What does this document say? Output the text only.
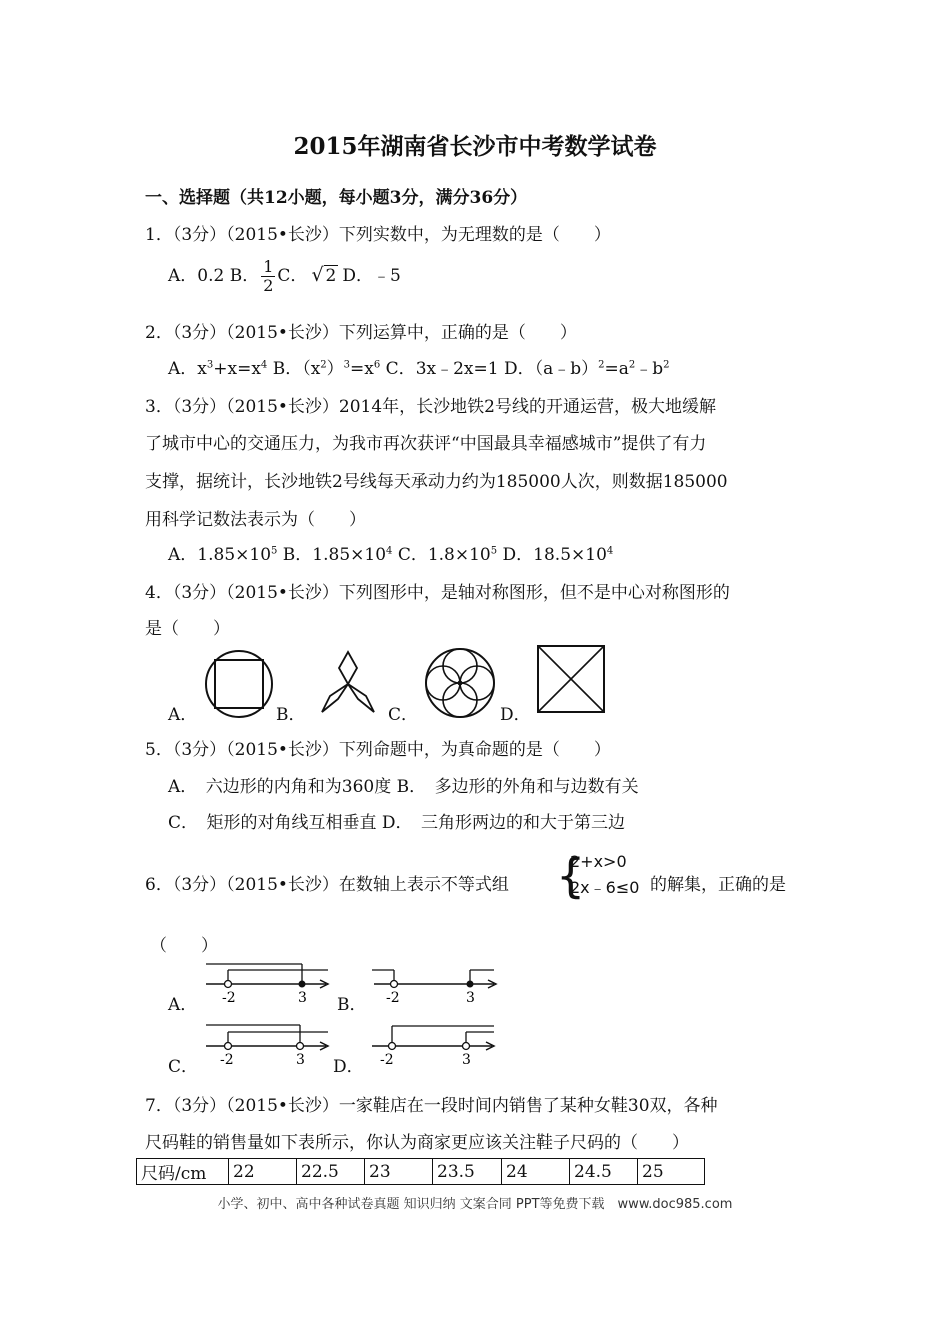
2015年湖南省长沙市中考数学试卷
一、选择题（共12小题，每小题3分，满分36分）
1．（3分）（2015•长沙）下列实数中，为无理数的是（　　）
A．0.2 B． $\frac{1}{2}$ C． √ 2 D．﹣5
2．（3分）（2015•长沙）下列运算中，正确的是（　　）
A．$x^3+x=x^4$ B．$(x^2)^3=x^6$ C．3x﹣2x=1 D．$(a﹣b)^2=a^2﹣b^2$
3．（3分）（2015•长沙）2014年，长沙地铁2号线的开通运营，极大地缓解
了城市中心的交通压力，为我市再次获评“中国最具幸福感城市”提供了有力
支撑，据统计，长沙地铁2号线每天承动力约为185000人次，则数据185000
用科学记数法表示为（　　）
A．$1.85\times 10^5$ B．$1.85\times 10^4$ C．$1.8\times 10^5$ D．$18.5\times 10^4$
4．（3分）（2015•长沙）下列图形中，是轴对称图形，但不是中心对称图形的
是（　　）
A．	B．	C．	D．
5．（3分）（2015•长沙）下列命题中，为真命题的是（　　）
A．　六边形的内角和为360度 B．　多边形的外角和与边数有关
C．　矩形的对角线互相垂直 D．　三角形两边的和大于第三边
6．（3分）（2015•长沙）在数轴上表示不等式组 {
2+x>0
2x﹣6≤0 的解集，正确的是
（　　）
A． -2	3 B． -2	3
C． -2	3 D． -2	3
7．（3分）（2015•长沙）一家鞋店在一段时间内销售了某种女鞋30双，各种
尺码鞋的销售量如下表所示，你认为商家更应该关注鞋子尺码的（　　）
尺码/cm	22	22.5	23	23.5	24	24.5	25
小学、初中、高中各种试卷真题 知识归纳 文案合同 PPT等免费下载　www.doc985.com
